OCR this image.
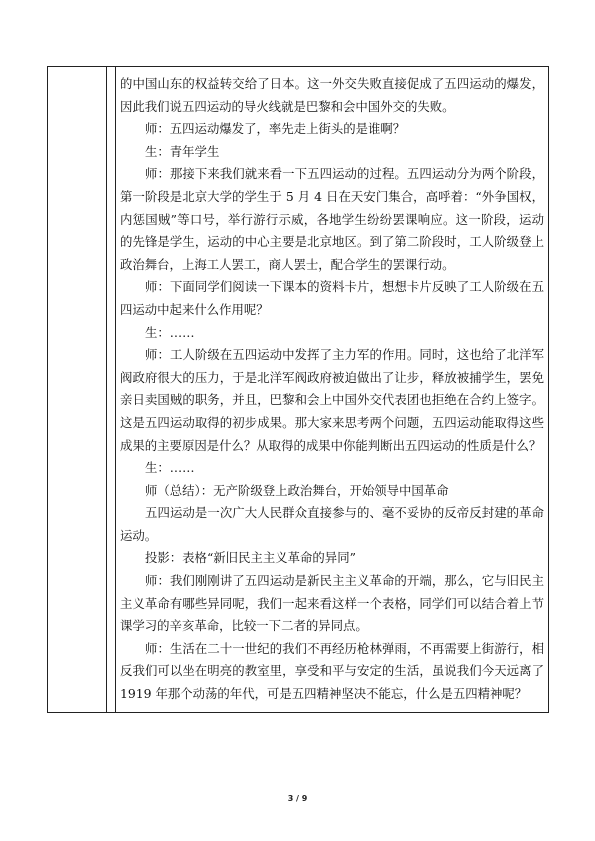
的中国山东的权益转交给了日本。这一外交失败直接促成了五四运动的爆发，因此我们说五四运动的导火线就是巴黎和会中国外交的失败。

师：五四运动爆发了，率先走上街头的是谁啊？

生：青年学生

师：那接下来我们就来看一下五四运动的过程。五四运动分为两个阶段，第一阶段是北京大学的学生于 5 月 4 日在天安门集合，高呼着：“外争国权，内惩国贼”等口号，举行游行示威，各地学生纷纷罢课响应。这一阶段，运动的先锋是学生，运动的中心主要是北京地区。到了第二阶段时，工人阶级登上政治舞台，上海工人罢工，商人罢士，配合学生的罢课行动。

师：下面同学们阅读一下课本的资料卡片，想想卡片反映了工人阶级在五四运动中起来什么作用呢？

生：……

师：工人阶级在五四运动中发挥了主力军的作用。同时，这也给了北洋军阀政府很大的压力，于是北洋军阀政府被迫做出了让步，释放被捕学生，罢免亲日卖国贼的职务，并且，巴黎和会上中国外交代表团也拒绝在合约上签字。这是五四运动取得的初步成果。那大家来思考两个问题，五四运动能取得这些成果的主要原因是什么？从取得的成果中你能判断出五四运动的性质是什么？

生：……

师（总结）：无产阶级登上政治舞台，开始领导中国革命

五四运动是一次广大人民群众直接参与的、毫不妥协的反帝反封建的革命运动。

投影：表格“新旧民主主义革命的异同”

师：我们刚刚讲了五四运动是新民主主义革命的开端，那么，它与旧民主主义革命有哪些异同呢，我们一起来看这样一个表格，同学们可以结合着上节课学习的辛亥革命，比较一下二者的异同点。

师：生活在二十一世纪的我们不再经历枪林弹雨，不再需要上街游行，相反我们可以坐在明亮的教室里，享受和平与安定的生活，虽说我们今天远离了 1919 年那个动荡的年代，可是五四精神坚决不能忘，什么是五四精神呢？

3 / 9
